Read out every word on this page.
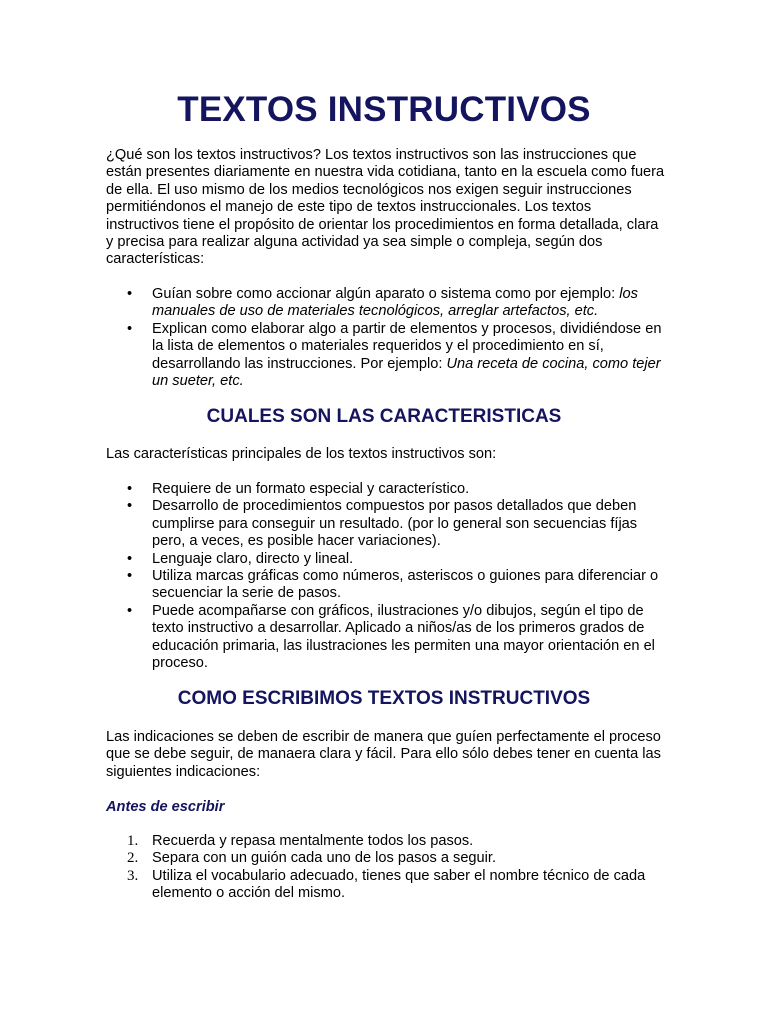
TEXTOS INSTRUCTIVOS

¿Qué son los textos instructivos? Los textos instructivos son las instrucciones que están presentes diariamente en nuestra vida cotidiana, tanto en la escuela como fuera de ella. El uso mismo de los medios tecnológicos nos exigen seguir instrucciones permitiéndonos el manejo de este tipo de textos instruccionales. Los textos instructivos tiene el propósito de orientar los procedimientos en forma detallada, clara y precisa para realizar alguna actividad ya sea simple o compleja, según dos características:

•	Guían sobre como accionar algún aparato o sistema como por ejemplo: los manuales de uso de materiales tecnológicos, arreglar artefactos, etc.
•	Explican como elaborar algo a partir de elementos y procesos, dividiéndose en la lista de elementos o materiales requeridos y el procedimiento en sí, desarrollando las instrucciones. Por ejemplo: Una receta de cocina, como tejer un sueter, etc.
CUALES SON LAS CARACTERISTICAS

Las características principales de los textos instructivos son:

•	Requiere de un formato especial y característico.
•	Desarrollo de procedimientos compuestos por pasos detallados que deben cumplirse para conseguir un resultado. (por lo general son secuencias fíjas pero, a veces, es posible hacer variaciones).
•	Lenguaje claro, directo y lineal.
•	Utiliza marcas gráficas como números, asteriscos o guiones para diferenciar o secuenciar la serie de pasos.
•	Puede acompañarse con gráficos, ilustraciones y/o dibujos, según el tipo de texto instructivo a desarrollar. Aplicado a niños/as de los primeros grados de educación primaria, las ilustraciones les permiten una mayor orientación en el proceso.
COMO ESCRIBIMOS TEXTOS INSTRUCTIVOS

Las indicaciones se deben de escribir de manera que guíen perfectamente el proceso que se debe seguir, de manaera clara y fácil. Para ello sólo debes tener en cuenta las siguientes indicaciones:

Antes de escribir
1. Recuerda y repasa mentalmente todos los pasos.
2. Separa con un guión cada uno de los pasos a seguir.
3. Utiliza el vocabulario adecuado, tienes que saber el nombre técnico de cada elemento o acción del mismo.
